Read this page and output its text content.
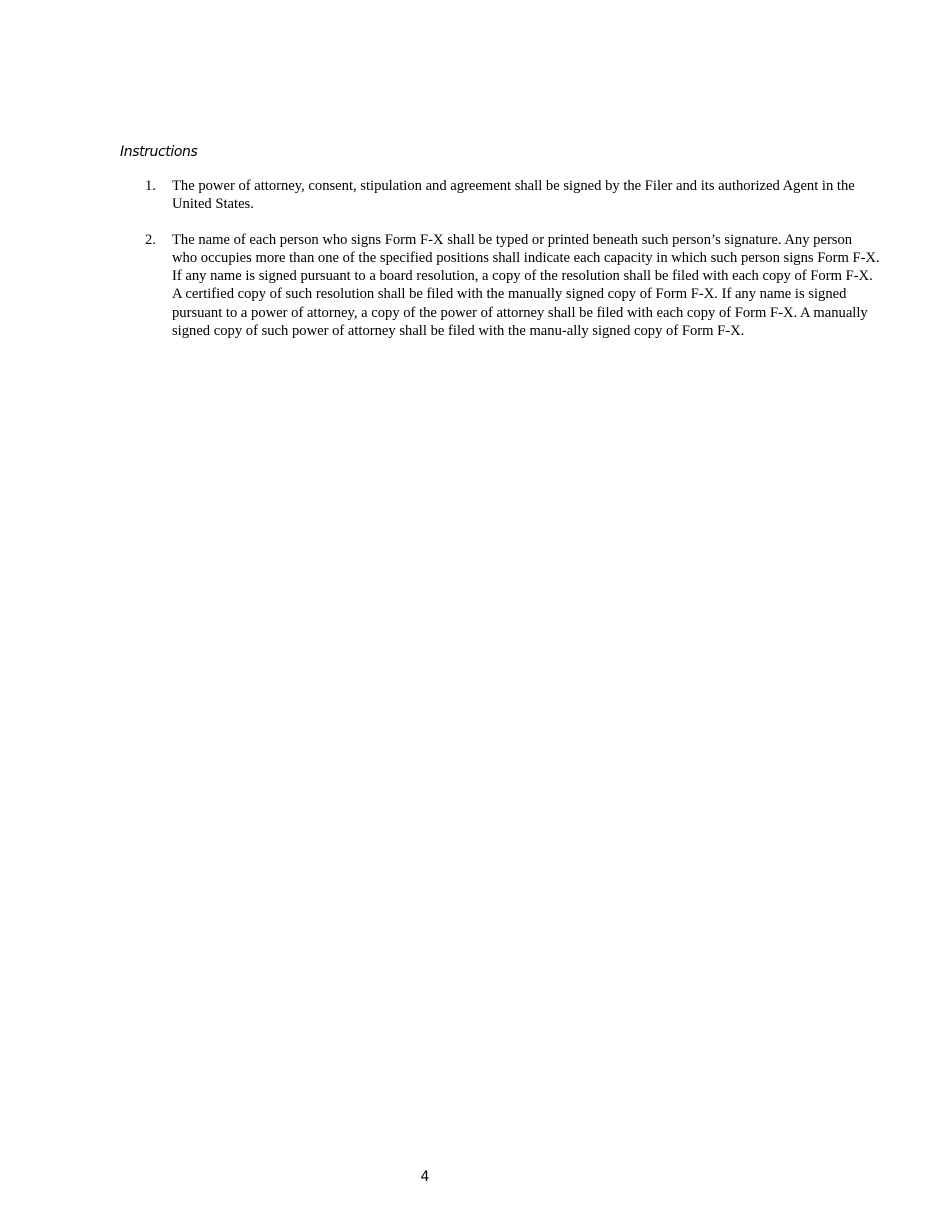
Instructions

1.	The power of attorney, consent, stipulation and agreement shall be signed by the Filer and its authorized Agent in the United States.
2.	The name of each person who signs Form F-X shall be typed or printed beneath such person’s signature. Any person who occupies more than one of the specified positions shall indicate each capacity in which such person signs Form F-X. If any name is signed pursuant to a board resolution, a copy of the resolution shall be filed with each copy of Form F-X. A certified copy of such resolution shall be filed with the manually signed copy of Form F-X. If any name is signed pursuant to a power of attorney, a copy of the power of attorney shall be filed with each copy of Form F-X. A manually signed copy of such power of attorney shall be filed with the manu-ally signed copy of Form F-X.
4
